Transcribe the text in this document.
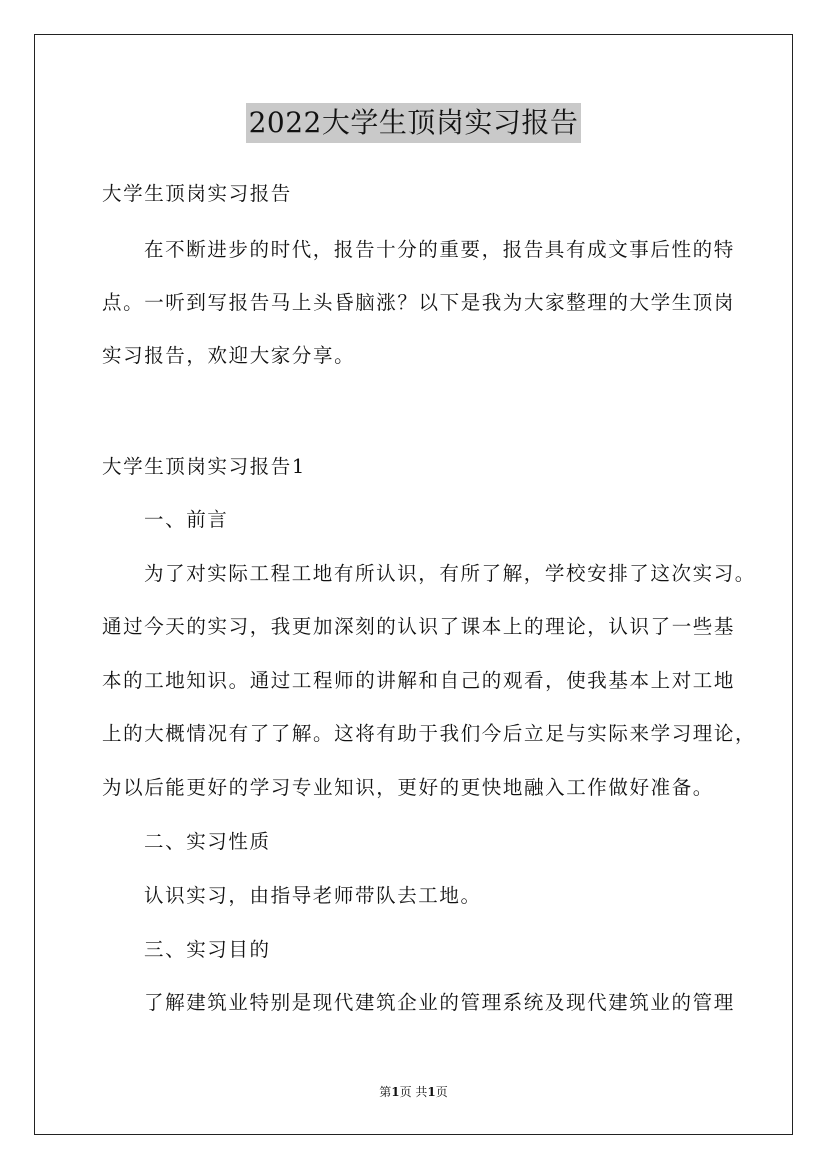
2022大学生顶岗实习报告
大学生顶岗实习报告
在不断进步的时代，报告十分的重要，报告具有成文事后性的特
点。一听到写报告马上头昏脑涨？以下是我为大家整理的大学生顶岗
实习报告，欢迎大家分享。
大学生顶岗实习报告1
一、前言
为了对实际工程工地有所认识，有所了解，学校安排了这次实习。
通过今天的实习，我更加深刻的认识了课本上的理论，认识了一些基
本的工地知识。通过工程师的讲解和自己的观看，使我基本上对工地
上的大概情况有了了解。这将有助于我们今后立足与实际来学习理论，
为以后能更好的学习专业知识，更好的更快地融入工作做好准备。
二、实习性质
认识实习，由指导老师带队去工地。
三、实习目的
了解建筑业特别是现代建筑企业的管理系统及现代建筑业的管理
第1页 共1页
